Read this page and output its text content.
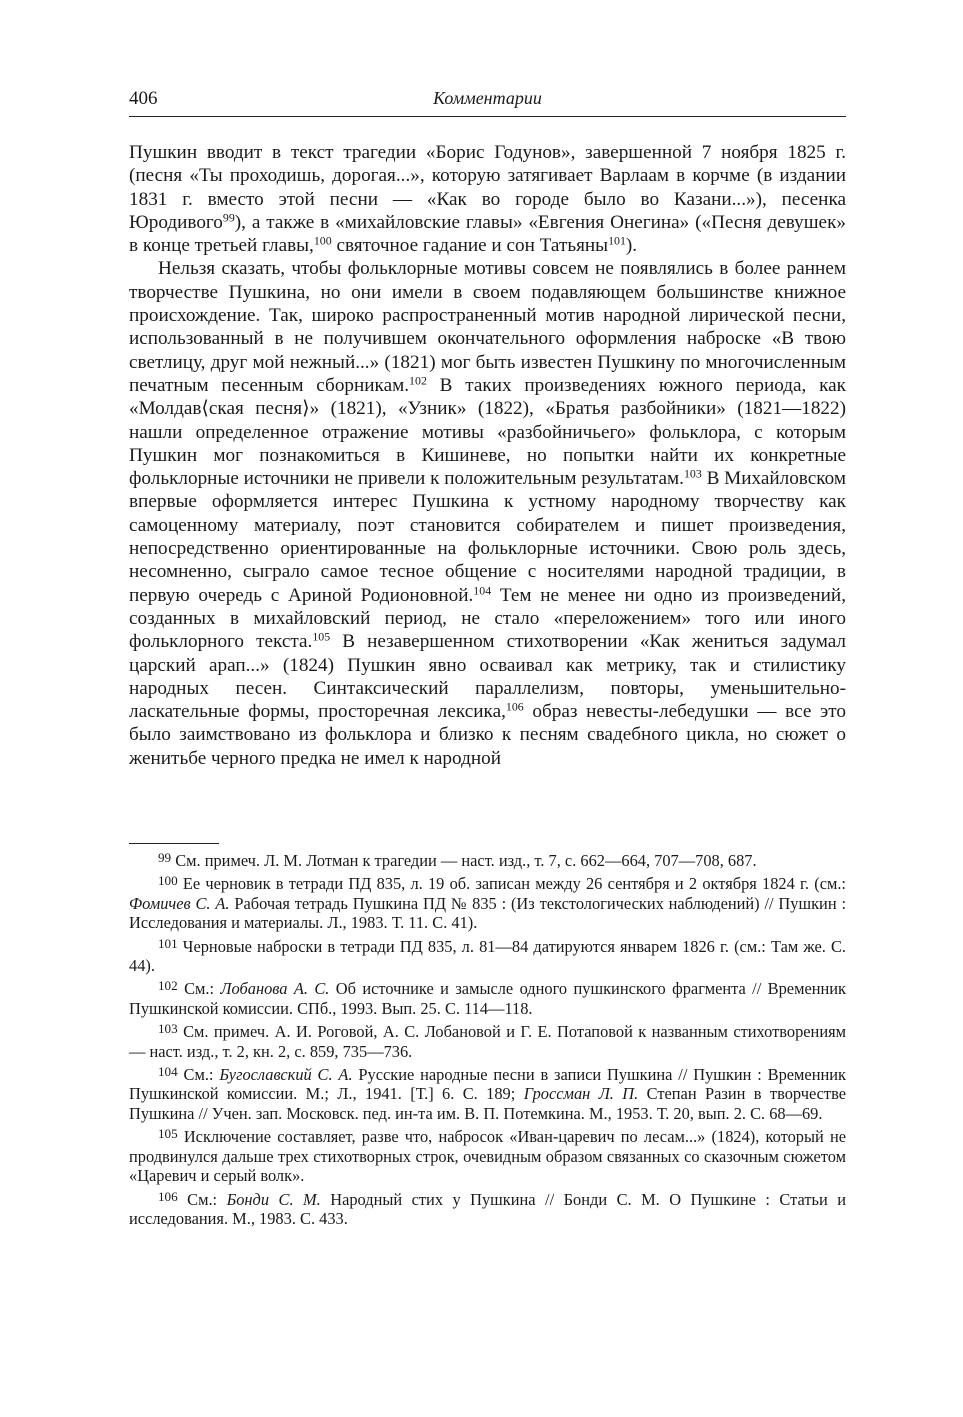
406	Комментарии

Пушкин вводит в текст трагедии «Борис Годунов», завершенной 7 ноября 1825 г. (песня «Ты проходишь, дорогая...», которую затягивает Варлаам в корчме (в издании 1831 г. вместо этой песни — «Как во городе было во Казани...»), песенка Юродивого$^{99}$), а также в «михайловские главы» «Евгения Онегина» («Песня девушек» в конце третьей главы,$^{100}$ святочное гадание и сон Татьяны$^{101}$).

Нельзя сказать, чтобы фольклорные мотивы совсем не появлялись в более раннем творчестве Пушкина, но они имели в своем подавляющем большинстве книжное происхождение. Так, широко распространенный мотив народной лирической песни, использованный в не получившем окончательного оформления наброске «В твою светлицу, друг мой нежный...» (1821) мог быть известен Пушкину по многочисленным печатным песенным сборникам.$^{102}$ В таких произведениях южного периода, как «Молдав⟨ская песня⟩» (1821), «Узник» (1822), «Братья разбойники» (1821—1822) нашли определенное отражение мотивы «разбойничьего» фольклора, с которым Пушкин мог познакомиться в Кишиневе, но попытки найти их конкретные фольклорные источники не привели к положительным результатам.$^{103}$ В Михайловском впервые оформляется интерес Пушкина к устному народному творчеству как самоценному материалу, поэт становится собирателем и пишет произведения, непосредственно ориентированные на фольклорные источники. Свою роль здесь, несомненно, сыграло самое тесное общение с носителями народной традиции, в первую очередь с Ариной Родионовной.$^{104}$ Тем не менее ни одно из произведений, созданных в михайловский период, не стало «переложением» того или иного фольклорного текста.$^{105}$ В незавершенном стихотворении «Как жениться задумал царский арап...» (1824) Пушкин явно осваивал как метрику, так и стилистику народных песен. Синтаксический параллелизм, повторы, уменьшительно-ласкательные формы, просторечная лексика,$^{106}$ образ невесты-лебедушки — все это было заимствовано из фольклора и близко к песням свадебного цикла, но сюжет о женитьбе черного предка не имел к народной

$^{99}$ См. примеч. Л. М. Лотман к трагедии — наст. изд., т. 7, с. 662—664, 707—708, 687.

$^{100}$ Ее черновик в тетради ПД 835, л. 19 об. записан между 26 сентября и 2 октября 1824 г. (см.: Фомичев С. А. Рабочая тетрадь Пушкина ПД № 835 : (Из текстологических наблюдений) // Пушкин : Исследования и материалы. Л., 1983. Т. 11. С. 41).

$^{101}$ Черновые наброски в тетради ПД 835, л. 81—84 датируются январем 1826 г. (см.: Там же. С. 44).

$^{102}$ См.: Лобанова А. С. Об источнике и замысле одного пушкинского фрагмента // Временник Пушкинской комиссии. СПб., 1993. Вып. 25. С. 114—118.

$^{103}$ См. примеч. А. И. Роговой, А. С. Лобановой и Г. Е. Потаповой к названным стихотворениям — наст. изд., т. 2, кн. 2, с. 859, 735—736.

$^{104}$ См.: Бугославский С. А. Русские народные песни в записи Пушкина // Пушкин : Временник Пушкинской комиссии. М.; Л., 1941. [Т.] 6. С. 189; Гроссман Л. П. Степан Разин в творчестве Пушкина // Учен. зап. Московск. пед. ин-та им. В. П. Потемкина. М., 1953. Т. 20, вып. 2. С. 68—69.

$^{105}$ Исключение составляет, разве что, набросок «Иван-царевич по лесам...» (1824), который не продвинулся дальше трех стихотворных строк, очевидным образом связанных со сказочным сюжетом «Царевич и серый волк».

$^{106}$ См.: Бонди С. М. Народный стих у Пушкина // Бонди С. М. О Пушкине : Статьи и исследования. М., 1983. С. 433.
